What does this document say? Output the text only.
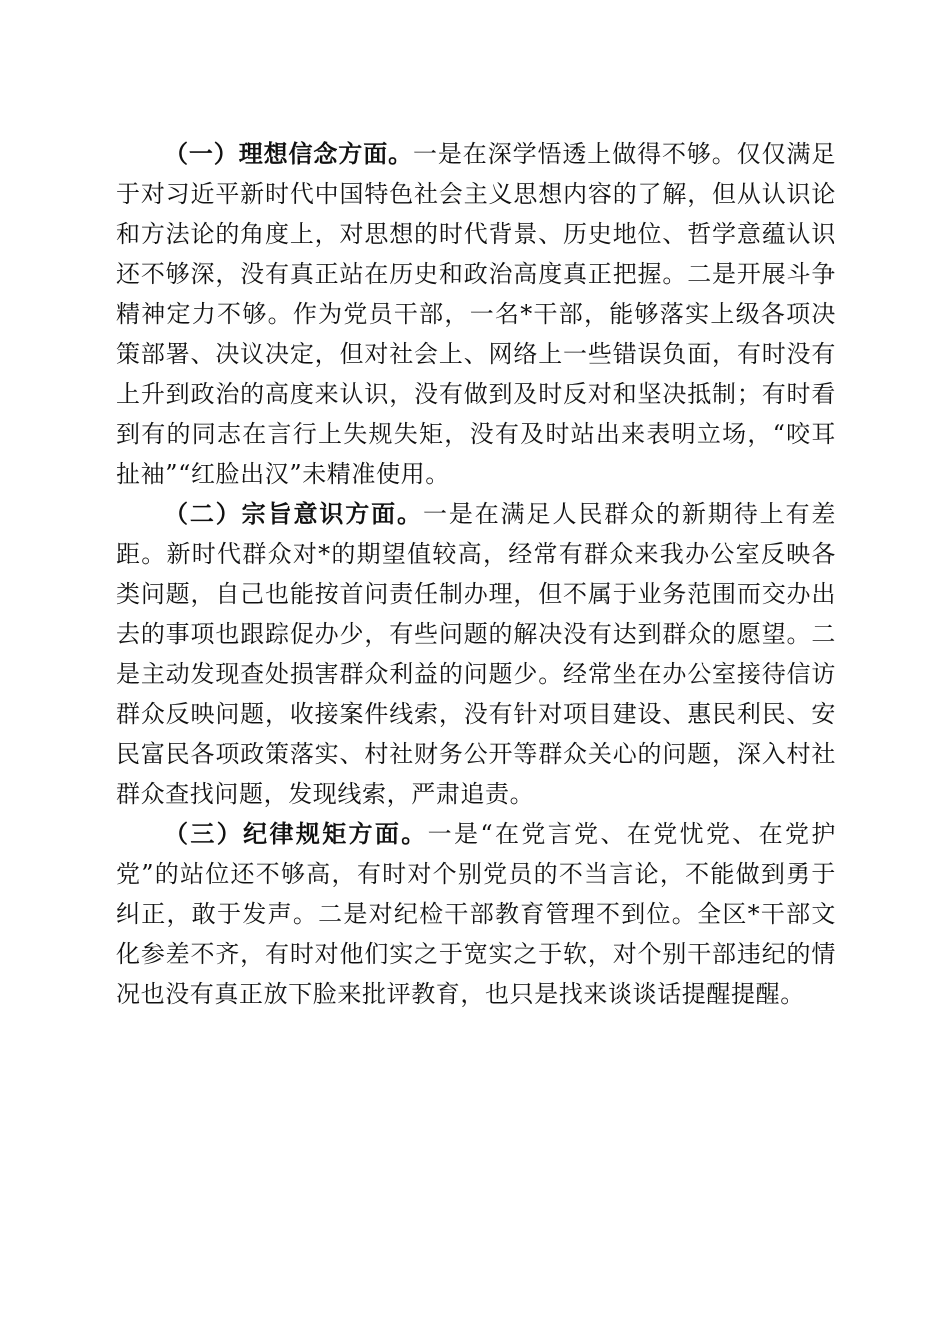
（一）理想信念方面。一是在深学悟透上做得不够。仅仅满足于对习近平新时代中国特色社会主义思想内容的了解，但从认识论和方法论的角度上，对思想的时代背景、历史地位、哲学意蕴认识还不够深，没有真正站在历史和政治高度真正把握。二是开展斗争精神定力不够。作为党员干部，一名*干部，能够落实上级各项决策部署、决议决定，但对社会上、网络上一些错误负面，有时没有上升到政治的高度来认识，没有做到及时反对和坚决抵制；有时看到有的同志在言行上失规失矩，没有及时站出来表明立场，“咬耳扯袖”“红脸出汉”未精准使用。

（二）宗旨意识方面。一是在满足人民群众的新期待上有差距。新时代群众对*的期望值较高，经常有群众来我办公室反映各类问题，自己也能按首问责任制办理，但不属于业务范围而交办出去的事项也跟踪促办少，有些问题的解决没有达到群众的愿望。二是主动发现查处损害群众利益的问题少。经常坐在办公室接待信访群众反映问题，收接案件线索，没有针对项目建设、惠民利民、安民富民各项政策落实、村社财务公开等群众关心的问题，深入村社群众查找问题，发现线索，严肃追责。

（三）纪律规矩方面。一是“在党言党、在党忧党、在党护党”的站位还不够高，有时对个别党员的不当言论，不能做到勇于纠正，敢于发声。二是对纪检干部教育管理不到位。全区*干部文化参差不齐，有时对他们实之于宽实之于软，对个别干部违纪的情况也没有真正放下脸来批评教育，也只是找来谈谈话提醒提醒。
